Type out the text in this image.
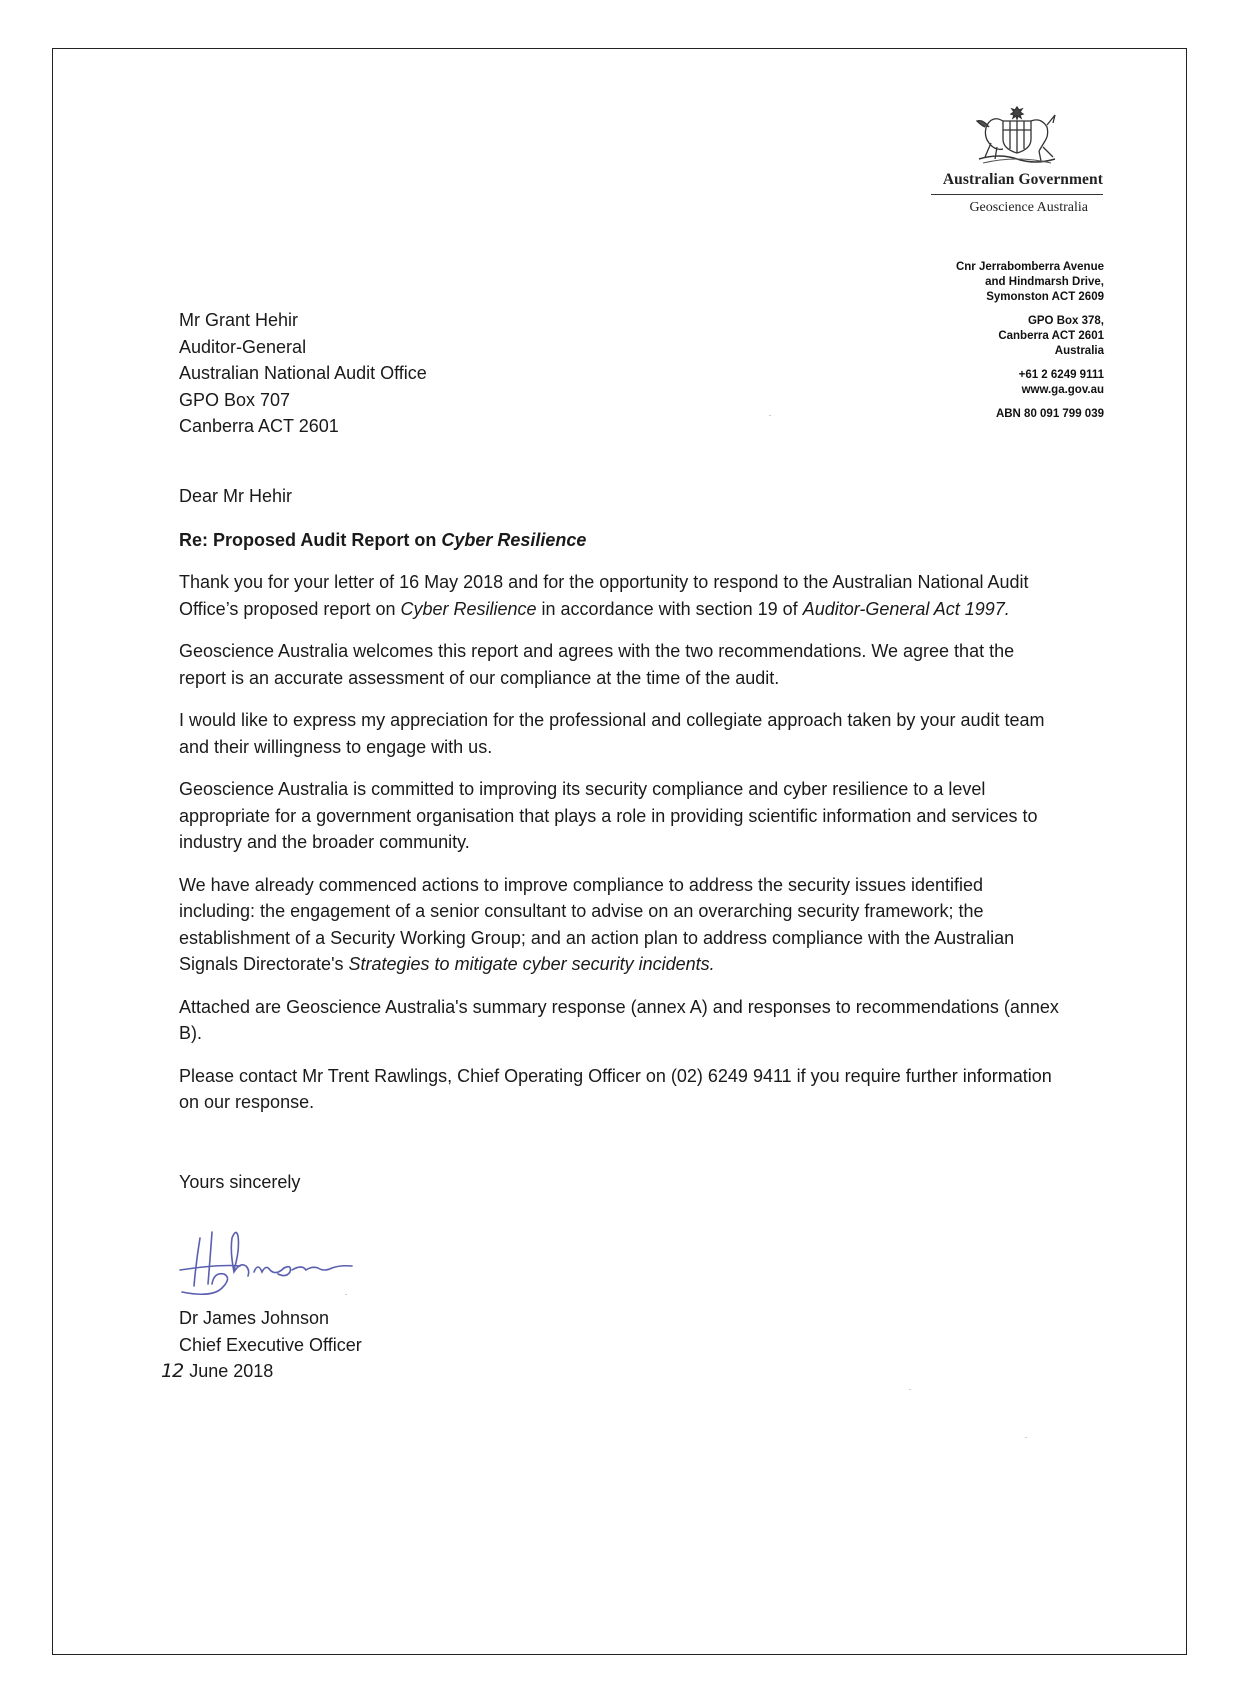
Australian Government
Geoscience Australia
Cnr Jerrabomberra Avenue
and Hindmarsh Drive,
Symonston ACT 2609
GPO Box 378,
Canberra ACT 2601
Australia
+61 2 6249 9111
www.ga.gov.au
ABN 80 091 799 039
Mr Grant Hehir
Auditor-General
Australian National Audit Office
GPO Box 707
Canberra ACT 2601

Dear Mr Hehir

Re: Proposed Audit Report on Cyber Resilience

Thank you for your letter of 16 May 2018 and for the opportunity to respond to the Australian National Audit Office’s proposed report on Cyber Resilience in accordance with section 19 of Auditor-General Act 1997.

Geoscience Australia welcomes this report and agrees with the two recommendations. We agree that the report is an accurate assessment of our compliance at the time of the audit.

I would like to express my appreciation for the professional and collegiate approach taken by your audit team and their willingness to engage with us.

Geoscience Australia is committed to improving its security compliance and cyber resilience to a level appropriate for a government organisation that plays a role in providing scientific information and services to industry and the broader community.

We have already commenced actions to improve compliance to address the security issues identified including: the engagement of a senior consultant to advise on an overarching security framework; the establishment of a Security Working Group; and an action plan to address compliance with the Australian Signals Directorate's Strategies to mitigate cyber security incidents.

Attached are Geoscience Australia's summary response (annex A) and responses to recommendations (annex B).

Please contact Mr Trent Rawlings, Chief Operating Officer on (02) 6249 9411 if you require further information on our response.

Yours sincerely
Dr James Johnson
Chief Executive Officer
12 June 2018
